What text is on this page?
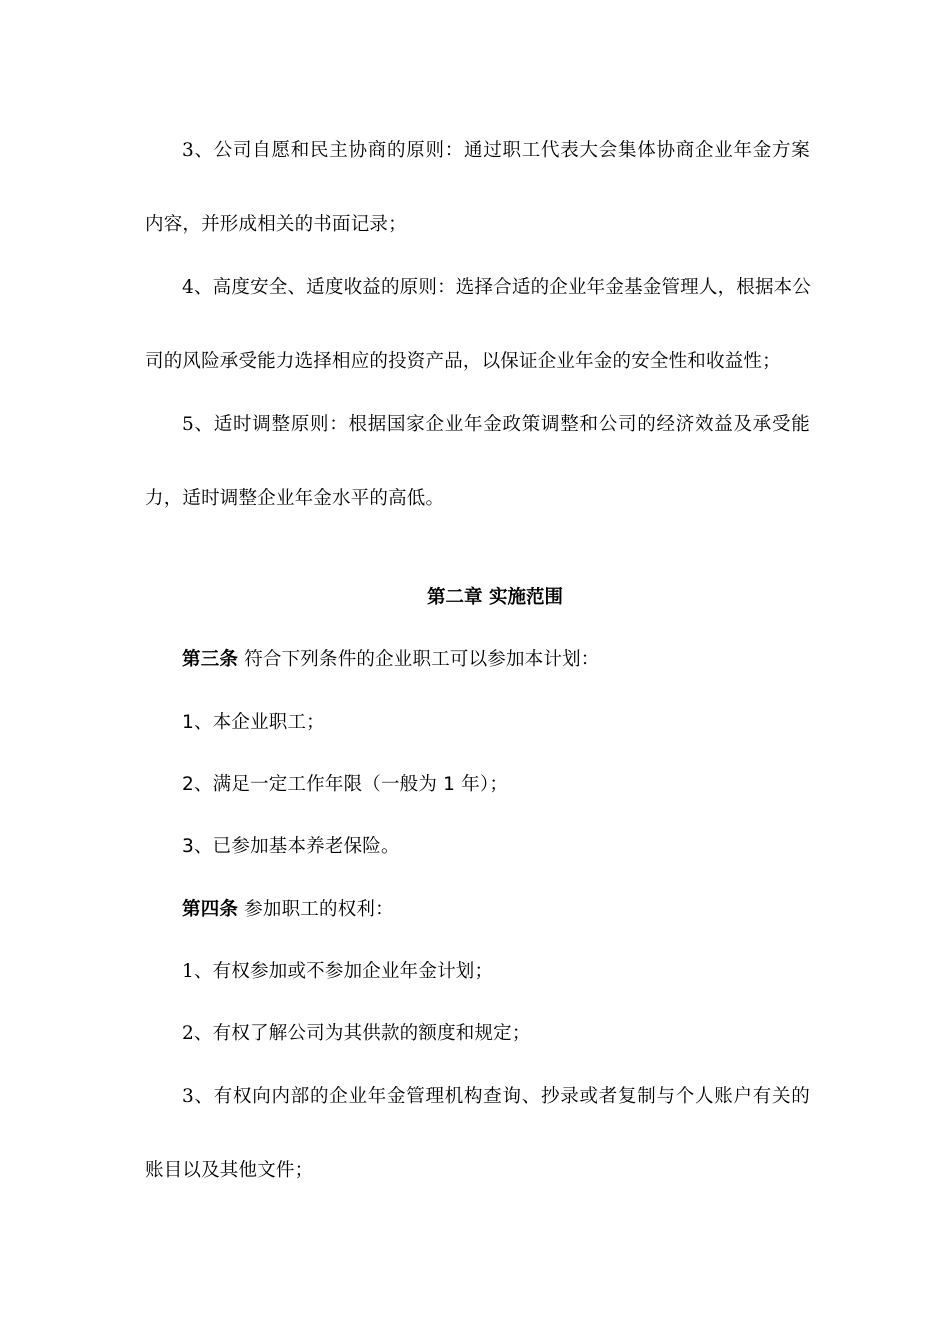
3、公司自愿和民主协商的原则：通过职工代表大会集体协商企业年金方案
内容，并形成相关的书面记录；
4、高度安全、适度收益的原则：选择合适的企业年金基金管理人，根据本公
司的风险承受能力选择相应的投资产品，以保证企业年金的安全性和收益性；
5、适时调整原则：根据国家企业年金政策调整和公司的经济效益及承受能
力，适时调整企业年金水平的高低。
第二章 实施范围
第三条 符合下列条件的企业职工可以参加本计划：
1、本企业职工；
2、满足一定工作年限（一般为 1 年）；
3、已参加基本养老保险。
第四条 参加职工的权利：
1、有权参加或不参加企业年金计划；
2、有权了解公司为其供款的额度和规定；
3、有权向内部的企业年金管理机构查询、抄录或者复制与个人账户有关的
账目以及其他文件；
